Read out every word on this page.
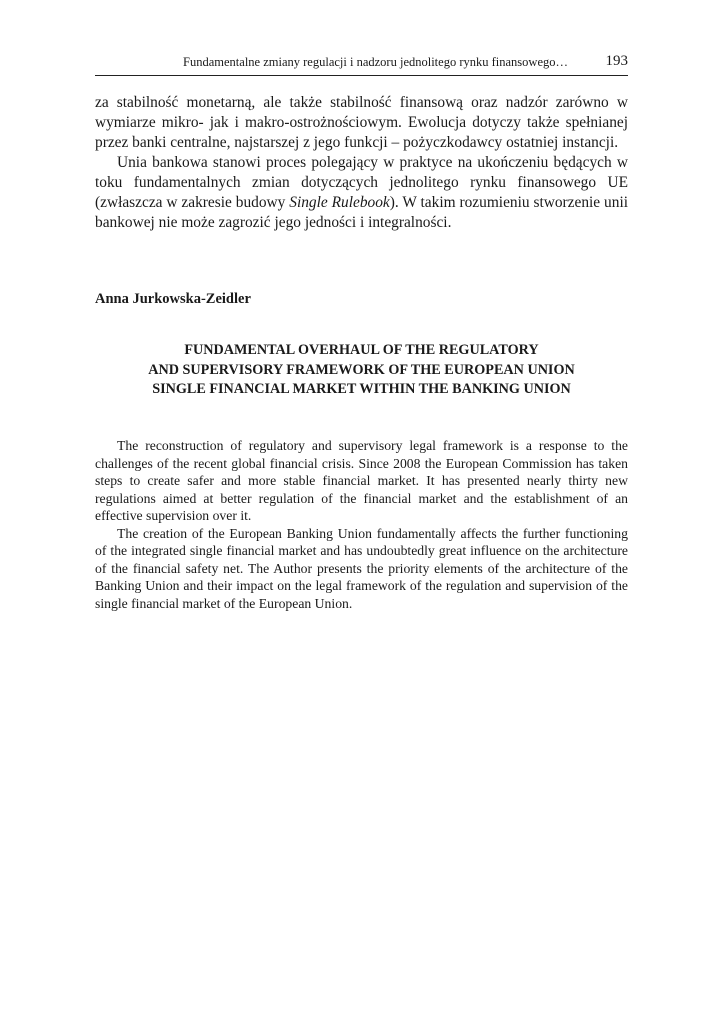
Fundamentalne zmiany regulacji i nadzoru jednolitego rynku finansowego…	193

za stabilność monetarną, ale także stabilność finansową oraz nadzór zarówno w wymiarze mikro- jak i makro-ostrożnościowym. Ewolucja dotyczy także spełnianej przez banki centralne, najstarszej z jego funkcji – pożyczkodawcy ostatniej instancji.

Unia bankowa stanowi proces polegający w praktyce na ukończeniu będących w toku fundamentalnych zmian dotyczących jednolitego rynku finansowego UE (zwłaszcza w zakresie budowy Single Rulebook). W takim rozumieniu stworzenie unii bankowej nie może zagrozić jego jedności i integralności.

Anna Jurkowska-Zeidler
FUNDAMENTAL OVERHAUL OF THE REGULATORY
AND SUPERVISORY FRAMEWORK OF THE EUROPEAN UNION
SINGLE FINANCIAL MARKET WITHIN THE BANKING UNION

The reconstruction of regulatory and supervisory legal framework is a response to the challenges of the recent global financial crisis. Since 2008 the European Commission has taken steps to create safer and more stable financial market. It has presented nearly thirty new regulations aimed at better regulation of the financial market and the establishment of an effective supervision over it.

The creation of the European Banking Union fundamentally affects the further functioning of the integrated single financial market and has undoubtedly great influence on the architecture of the financial safety net. The Author presents the priority elements of the architecture of the Banking Union and their impact on the legal framework of the regulation and supervision of the single financial market of the European Union.
